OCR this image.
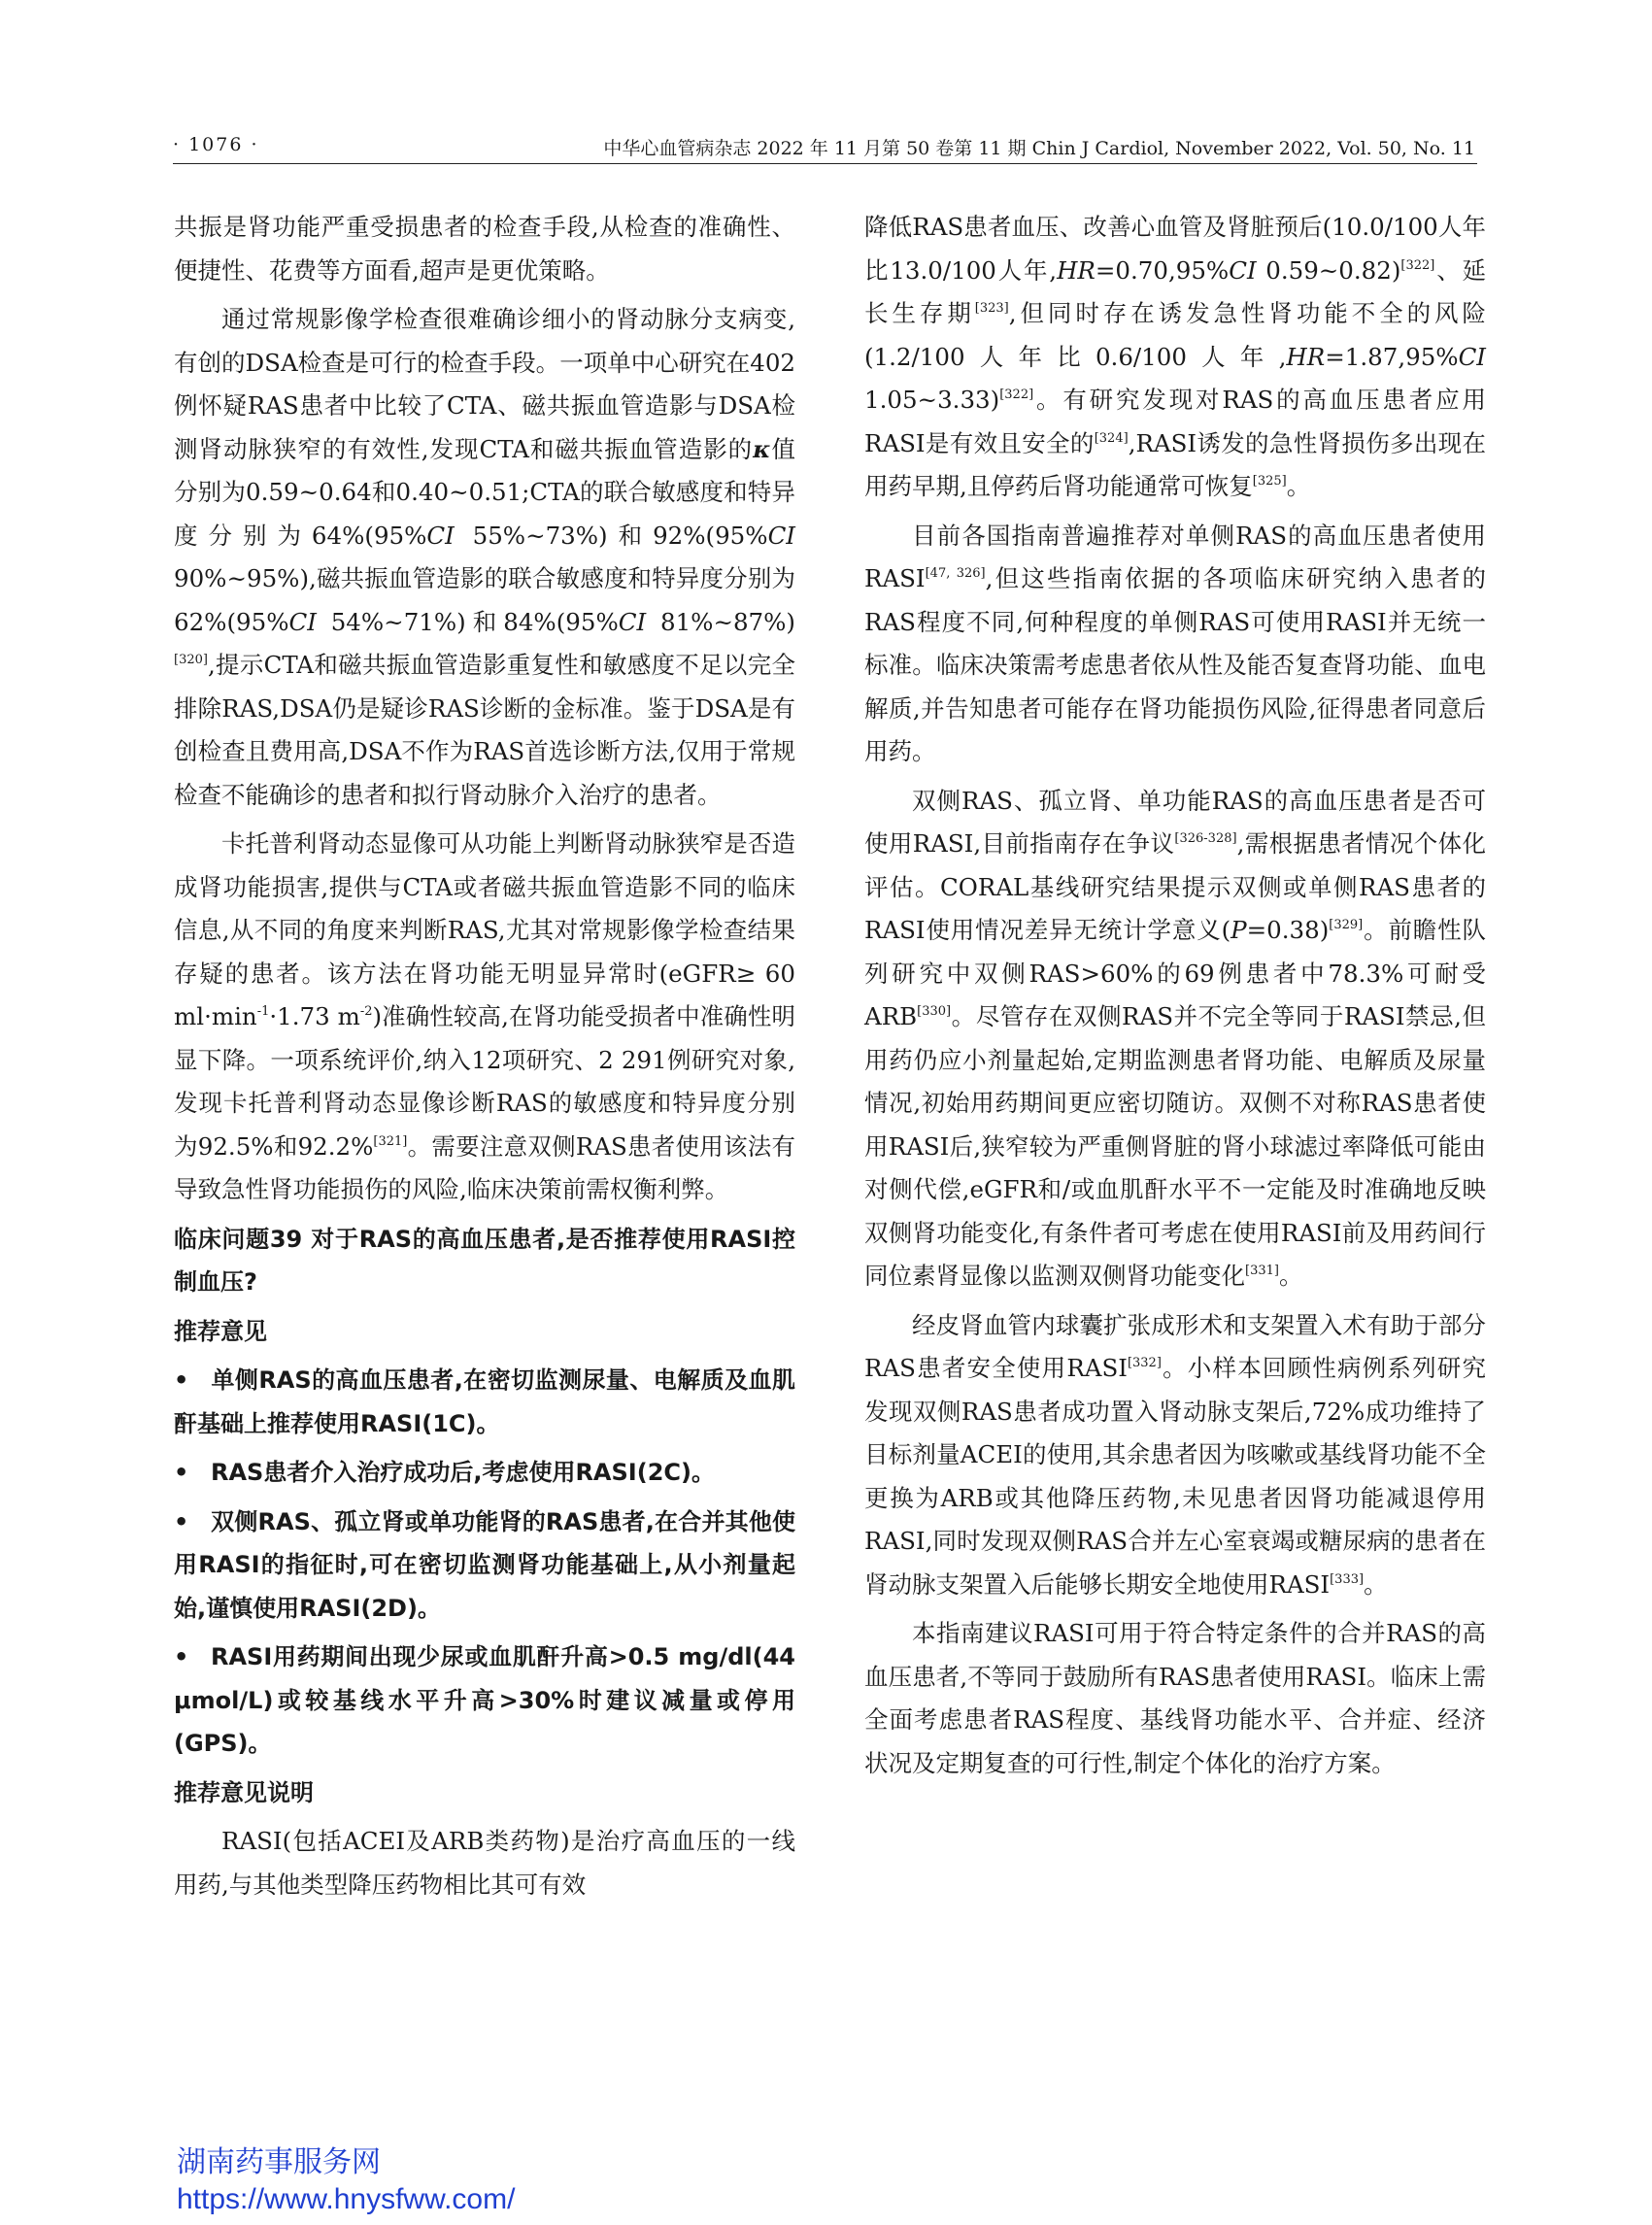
· 1076 ·	中华心血管病杂志 2022 年 11 月第 50 卷第 11 期 Chin J Cardiol, November 2022, Vol. 50, No. 11

共振是肾功能严重受损患者的检查手段,从检查的准确性、便捷性、花费等方面看,超声是更优策略。

通过常规影像学检查很难确诊细小的肾动脉分支病变,有创的DSA检查是可行的检查手段。一项单中心研究在402例怀疑RAS患者中比较了CTA、磁共振血管造影与DSA检测肾动脉狭窄的有效性,发现CTA和磁共振血管造影的κ值分别为0.59~0.64和0.40~0.51;CTA的联合敏感度和特异度分别为64%(95%CI 55%~73%)和92%(95%CI 90%~95%),磁共振血管造影的联合敏感度和特异度分别为62%(95%CI 54%~71%)和84%(95%CI 81%~87%)[320],提示CTA和磁共振血管造影重复性和敏感度不足以完全排除RAS,DSA仍是疑诊RAS诊断的金标准。鉴于DSA是有创检查且费用高,DSA不作为RAS首选诊断方法,仅用于常规检查不能确诊的患者和拟行肾动脉介入治疗的患者。

卡托普利肾动态显像可从功能上判断肾动脉狭窄是否造成肾功能损害,提供与CTA或者磁共振血管造影不同的临床信息,从不同的角度来判断RAS,尤其对常规影像学检查结果存疑的患者。该方法在肾功能无明显异常时(eGFR≥ 60 $ml\cdot\min^{-1}\cdot 1.73$ $m^{-2}$)准确性较高,在肾功能受损者中准确性明显下降。一项系统评价,纳入12项研究、2 291例研究对象,发现卡托普利肾动态显像诊断RAS的敏感度和特异度分别为92.5%和92.2%[321]。需要注意双侧RAS患者使用该法有导致急性肾功能损伤的风险,临床决策前需权衡利弊。

临床问题39 对于RAS的高血压患者,是否推荐使用RASI控制血压?

推荐意见

• 单侧RAS的高血压患者,在密切监测尿量、电解质及血肌酐基础上推荐使用RASI(1C)。

• RAS患者介入治疗成功后,考虑使用RASI(2C)。

• 双侧RAS、孤立肾或单功能肾的RAS患者,在合并其他使用RASI的指征时,可在密切监测肾功能基础上,从小剂量起始,谨慎使用RASI(2D)。

• RASI用药期间出现少尿或血肌酐升高>0.5 mg/dl(44 μmol/L)或较基线水平升高>30%时建议减量或停用(GPS)。

推荐意见说明

RASI(包括ACEI及ARB类药物)是治疗高血压的一线用药,与其他类型降压药物相比其可有效

降低RAS患者血压、改善心血管及肾脏预后(10.0/100人年比13.0/100人年,HR=0.70,95%CI 0.59~0.82)[322]、延长生存期[323],但同时存在诱发急性肾功能不全的风险(1.2/100人年比0.6/100人年,HR=1.87,95%CI 1.05~3.33)[322]。有研究发现对RAS的高血压患者应用RASI是有效且安全的[324],RASI诱发的急性肾损伤多出现在用药早期,且停药后肾功能通常可恢复[325]。

目前各国指南普遍推荐对单侧RAS的高血压患者使用RASI[47, 326],但这些指南依据的各项临床研究纳入患者的RAS程度不同,何种程度的单侧RAS可使用RASI并无统一标准。临床决策需考虑患者依从性及能否复查肾功能、血电解质,并告知患者可能存在肾功能损伤风险,征得患者同意后用药。

双侧RAS、孤立肾、单功能RAS的高血压患者是否可使用RASI,目前指南存在争议[326-328],需根据患者情况个体化评估。CORAL基线研究结果提示双侧或单侧RAS患者的RASI使用情况差异无统计学意义(P=0.38)[329]。前瞻性队列研究中双侧RAS>60%的69例患者中78.3%可耐受ARB[330]。尽管存在双侧RAS并不完全等同于RASI禁忌,但用药仍应小剂量起始,定期监测患者肾功能、电解质及尿量情况,初始用药期间更应密切随访。双侧不对称RAS患者使用RASI后,狭窄较为严重侧肾脏的肾小球滤过率降低可能由对侧代偿,eGFR和/或血肌酐水平不一定能及时准确地反映双侧肾功能变化,有条件者可考虑在使用RASI前及用药间行同位素肾显像以监测双侧肾功能变化[331]。

经皮肾血管内球囊扩张成形术和支架置入术有助于部分RAS患者安全使用RASI[332]。小样本回顾性病例系列研究发现双侧RAS患者成功置入肾动脉支架后,72%成功维持了目标剂量ACEI的使用,其余患者因为咳嗽或基线肾功能不全更换为ARB或其他降压药物,未见患者因肾功能减退停用RASI,同时发现双侧RAS合并左心室衰竭或糖尿病的患者在肾动脉支架置入后能够长期安全地使用RASI[333]。

本指南建议RASI可用于符合特定条件的合并RAS的高血压患者,不等同于鼓励所有RAS患者使用RASI。临床上需全面考虑患者RAS程度、基线肾功能水平、合并症、经济状况及定期复查的可行性,制定个体化的治疗方案。

湖南药事服务网
https://www.hnysfww.com/
